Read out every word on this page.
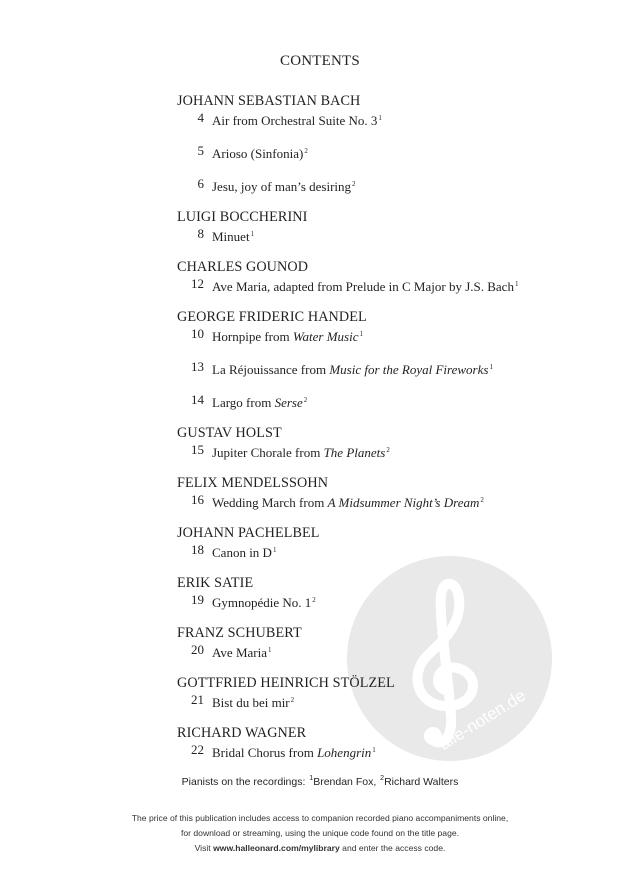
alle-noten.de
CONTENTS
JOHANN SEBASTIAN BACH
4 Air from Orchestral Suite No. $3^1$
5 Arioso (Sinfonia)$^2$
6 Jesu, joy of man’s desiring$^2$
LUIGI BOCCHERINI
8 Minuet$^1$
CHARLES GOUNOD
12 Ave Maria, adapted from Prelude in C Major by J.S. Bach$^1$
GEORGE FRIDERIC HANDEL
10 Hornpipe from Water Music$^1$
13 La Réjouissance from Music for the Royal Fireworks$^1$
14 Largo from Serse$^2$
GUSTAV HOLST
15 Jupiter Chorale from The Planets$^2$
FELIX MENDELSSOHN
16 Wedding March from A Midsummer Night’s Dream$^2$
JOHANN PACHELBEL
18 Canon in $D^1$
ERIK SATIE
19 Gymnopédie No. $1^2$
FRANZ SCHUBERT
20 Ave Maria$^1$
GOTTFRIED HEINRICH STÖLZEL
21 Bist du bei mir$^2$
RICHARD WAGNER
22 Bridal Chorus from Lohengrin$^1$
Pianists on the recordings: $^1$Brendan Fox, $^2$Richard Walters
The price of this publication includes access to companion recorded piano accompaniments online,
for download or streaming, using the unique code found on the title page.
Visit www.halleonard.com/mylibrary and enter the access code.
